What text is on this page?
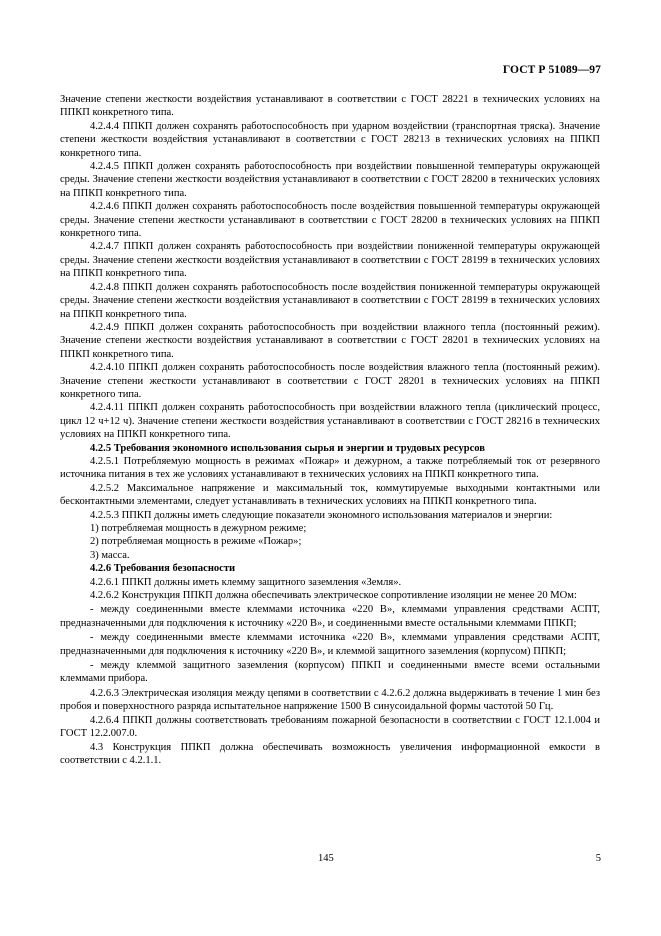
ГОСТ Р 51089—97

Значение степени жесткости воздействия устанавливают в соответствии с ГОСТ 28221 в технических условиях на ППКП конкретного типа.

4.2.4.4 ППКП должен сохранять работоспособность при ударном воздействии (транспортная тряска). Значение степени жесткости воздействия устанавливают в соответствии с ГОСТ 28213 в технических условиях на ППКП конкретного типа.

4.2.4.5 ППКП должен сохранять работоспособность при воздействии повышенной температуры окружающей среды. Значение степени жесткости воздействия устанавливают в соответствии с ГОСТ 28200 в технических условиях на ППКП конкретного типа.

4.2.4.6 ППКП должен сохранять работоспособность после воздействия повышенной температуры окружающей среды. Значение степени жесткости устанавливают в соответствии с ГОСТ 28200 в технических условиях на ППКП конкретного типа.

4.2.4.7 ППКП должен сохранять работоспособность при воздействии пониженной температуры окружающей среды. Значение степени жесткости воздействия устанавливают в соответствии с ГОСТ 28199 в технических условиях на ППКП конкретного типа.

4.2.4.8 ППКП должен сохранять работоспособность после воздействия пониженной температуры окружающей среды. Значение степени жесткости воздействия устанавливают в соответствии с ГОСТ 28199 в технических условиях на ППКП конкретного типа.

4.2.4.9 ППКП должен сохранять работоспособность при воздействии влажного тепла (постоянный режим). Значение степени жесткости воздействия устанавливают в соответствии с ГОСТ 28201 в технических условиях на ППКП конкретного типа.

4.2.4.10 ППКП должен сохранять работоспособность после воздействия влажного тепла (постоянный режим). Значение степени жесткости устанавливают в соответствии с ГОСТ 28201 в технических условиях на ППКП конкретного типа.

4.2.4.11 ППКП должен сохранять работоспособность при воздействии влажного тепла (циклический процесс, цикл 12 ч+12 ч). Значение степени жесткости воздействия устанавливают в соответствии с ГОСТ 28216 в технических условиях на ППКП конкретного типа.

4.2.5 Требования экономного использования сырья и энергии и трудовых ресурсов

4.2.5.1 Потребляемую мощность в режимах «Пожар» и дежурном, а также потребляемый ток от резервного источника питания в тех же условиях устанавливают в технических условиях на ППКП конкретного типа.

4.2.5.2 Максимальное напряжение и максимальный ток, коммутируемые выходными контактными или бесконтактными элементами, следует устанавливать в технических условиях на ППКП конкретного типа.

4.2.5.3 ППКП должны иметь следующие показатели экономного использования материалов и энергии:

1) потребляемая мощность в дежурном режиме;

2) потребляемая мощность в режиме «Пожар»;

3) масса.

4.2.6 Требования безопасности

4.2.6.1 ППКП должны иметь клемму защитного заземления «Земля».

4.2.6.2 Конструкция ППКП должна обеспечивать электрическое сопротивление изоляции не менее 20 МОм:

- между соединенными вместе клеммами источника «220 В», клеммами управления средствами АСПТ, предназначенными для подключения к источнику «220 В», и соединенными вместе остальными клеммами ППКП;

- между соединенными вместе клеммами источника «220 В», клеммами управления средствами АСПТ, предназначенными для подключения к источнику «220 В», и клеммой защитного заземления (корпусом) ППКП;

- между клеммой защитного заземления (корпусом) ППКП и соединенными вместе всеми остальными клеммами прибора.

4.2.6.3 Электрическая изоляция между цепями в соответствии с 4.2.6.2 должна выдерживать в течение 1 мин без пробоя и поверхностного разряда испытательное напряжение 1500 В синусоидальной формы частотой 50 Гц.

4.2.6.4 ППКП должны соответствовать требованиям пожарной безопасности в соответствии с ГОСТ 12.1.004 и ГОСТ 12.2.007.0.

4.3 Конструкция ППКП должна обеспечивать возможность увеличения информационной емкости в соответствии с 4.2.1.1.

145	5
